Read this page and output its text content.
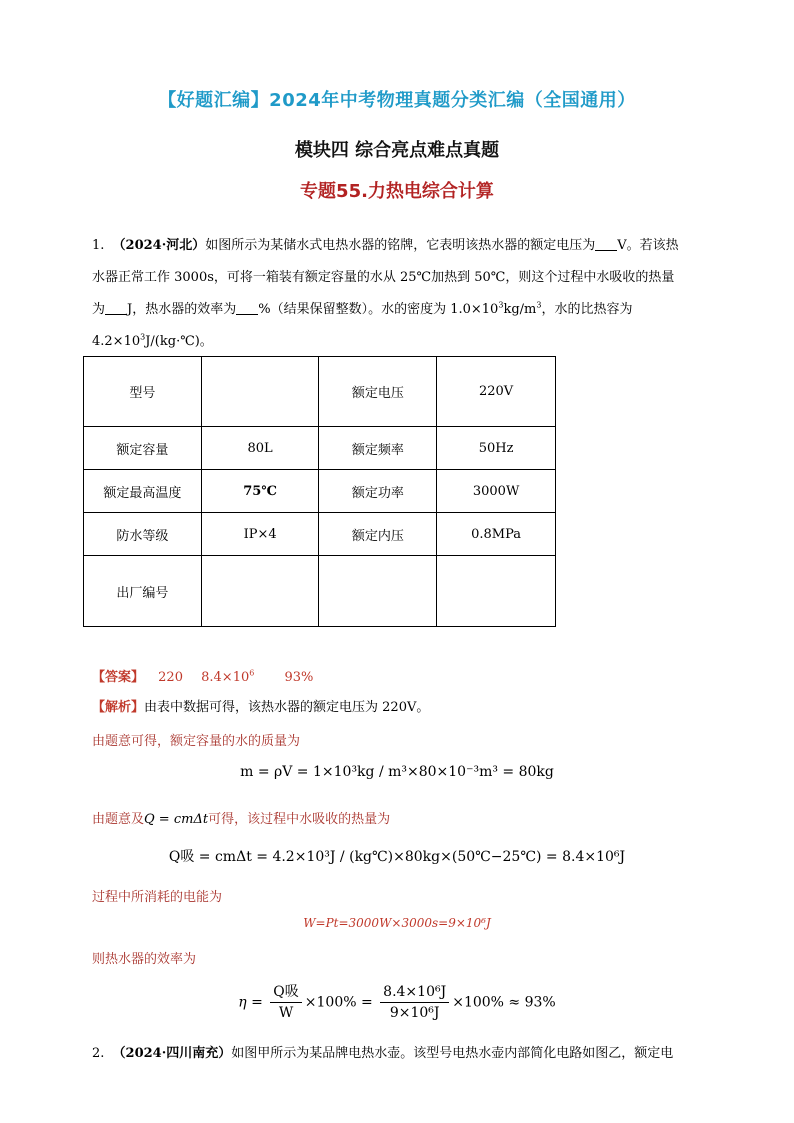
【好题汇编】2024年中考物理真题分类汇编（全国通用）
模块四 综合亮点难点真题
专题55.力热电综合计算
1. （2024·河北）如图所示为某储水式电热水器的铭牌，它表明该热水器的额定电压为 V。若该热
水器正常工作 3000s，可将一箱装有额定容量的水从 25℃加热到 50℃，则这个过程中水吸收的热量
为 J，热水器的效率为 %（结果保留整数）。水的密度为 $1.0\times 10^3kg/m^3$，水的比热容为
$4.2\times 10^3J/(kg\cdot℃)$。
型号		额定电压	220V
额定容量	80L	额定频率	50Hz
额定最高温度	75℃	额定功率	3000W
防水等级	IP×4	额定内压	0.8MPa
出厂编号			
【答案】 220 $8.4\times 10^6$ 93%
【解析】由表中数据可得，该热水器的额定电压为 220V。
由题意可得，额定容量的水的质量为
m = ρV = 1×10³kg / m³×80×10⁻³m³ = 80kg
由题意及Q = cmΔt可得，该过程中水吸收的热量为
Q吸 = cmΔt = 4.2×10³J / (kg℃)×80kg×(50℃−25℃) = 8.4×10⁶J
过程中所消耗的电能为
W=Pt=3000W×3000s=9×10⁶J
则热水器的效率为
$\eta = \frac{\text{Q吸}}{W} \times 100\% = \frac{\text{8.4×10⁶J}}{\text{9×10⁶J}} \times 100\% \approx 93\%$
2. （2024·四川南充）如图甲所示为某品牌电热水壶。该型号电热水壶内部简化电路如图乙，额定电
